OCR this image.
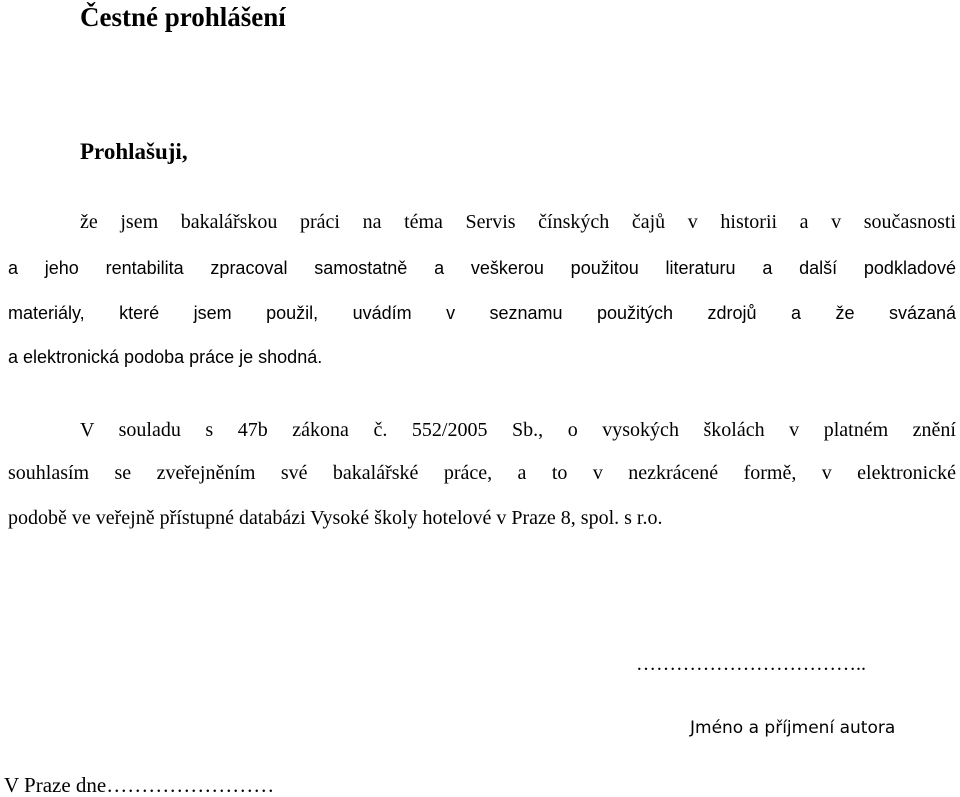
Čestné prohlášení
Prohlašuji,
že jsem bakalářskou práci na téma Servis čínských čajů v historii a v současnosti
a jeho rentabilita zpracoval samostatně a veškerou použitou literaturu a další podkladové
materiály, které jsem použil, uvádím v seznamu použitých zdrojů a že svázaná
a elektronická podoba práce je shodná.
V souladu s 47b zákona č. 552/2005 Sb., o vysokých školách v platném znění
souhlasím se zveřejněním své bakalářské práce, a to v nezkrácené formě, v elektronické
podobě ve veřejně přístupné databázi Vysoké školy hotelové v Praze 8, spol. s r.o.
……………………………..
Jméno a příjmení autora
V Praze dne……………………
